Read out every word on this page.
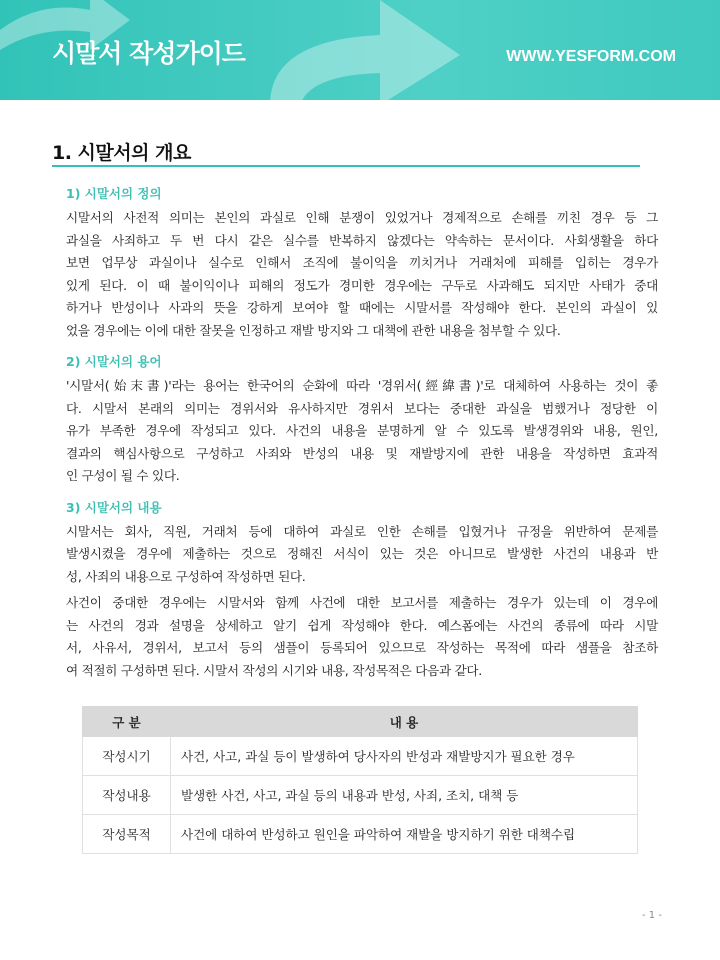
시말서 작성가이드	WWW.YESFORM.COM
1. 시말서의 개요
1) 시말서의 정의
시말서의 사전적 의미는 본인의 과실로 인해 분쟁이 있었거나 경제적으로 손해를 끼친 경우 등 그
과실을 사죄하고 두 번 다시 같은 실수를 반복하지 않겠다는 약속하는 문서이다. 사회생활을 하다
보면 업무상 과실이나 실수로 인해서 조직에 불이익을 끼치거나 거래처에 피해를 입히는 경우가
있게 된다. 이 때 불이익이나 피해의 정도가 경미한 경우에는 구두로 사과해도 되지만 사태가 중대
하거나 반성이나 사과의 뜻을 강하게 보여야 할 때에는 시말서를 작성해야 한다. 본인의 과실이 있
었을 경우에는 이에 대한 잘못을 인정하고 재발 방지와 그 대책에 관한 내용을 첨부할 수 있다.
2) 시말서의 용어
'시말서(始末書)'라는 용어는 한국어의 순화에 따라 '경위서(經緯書)'로 대체하여 사용하는 것이 좋
다. 시말서 본래의 의미는 경위서와 유사하지만 경위서 보다는 중대한 과실을 범했거나 정당한 이
유가 부족한 경우에 작성되고 있다. 사건의 내용을 분명하게 알 수 있도록 발생경위와 내용, 원인,
결과의 핵심사항으로 구성하고 사죄와 반성의 내용 및 재발방지에 관한 내용을 작성하면 효과적
인 구성이 될 수 있다.
3) 시말서의 내용
시말서는 회사, 직원, 거래처 등에 대하여 과실로 인한 손해를 입혔거나 규정을 위반하여 문제를
발생시켰을 경우에 제출하는 것으로 정해진 서식이 있는 것은 아니므로 발생한 사건의 내용과 반
성, 사죄의 내용으로 구성하여 작성하면 된다.
사건이 중대한 경우에는 시말서와 함께 사건에 대한 보고서를 제출하는 경우가 있는데 이 경우에
는 사건의 경과 설명을 상세하고 알기 쉽게 작성해야 한다. 예스폼에는 사건의 종류에 따라 시말
서, 사유서, 경위서, 보고서 등의 샘플이 등록되어 있으므로 작성하는 목적에 따라 샘플을 참조하
여 적절히 구성하면 된다. 시말서 작성의 시기와 내용, 작성목적은 다음과 같다.
구 분	내 용
작성시기	사건, 사고, 과실 등이 발생하여 당사자의 반성과 재발방지가 필요한 경우
작성내용	발생한 사건, 사고, 과실 등의 내용과 반성, 사죄, 조치, 대책 등
작성목적	사건에 대하여 반성하고 원인을 파악하여 재발을 방지하기 위한 대책수립
- 1 -
